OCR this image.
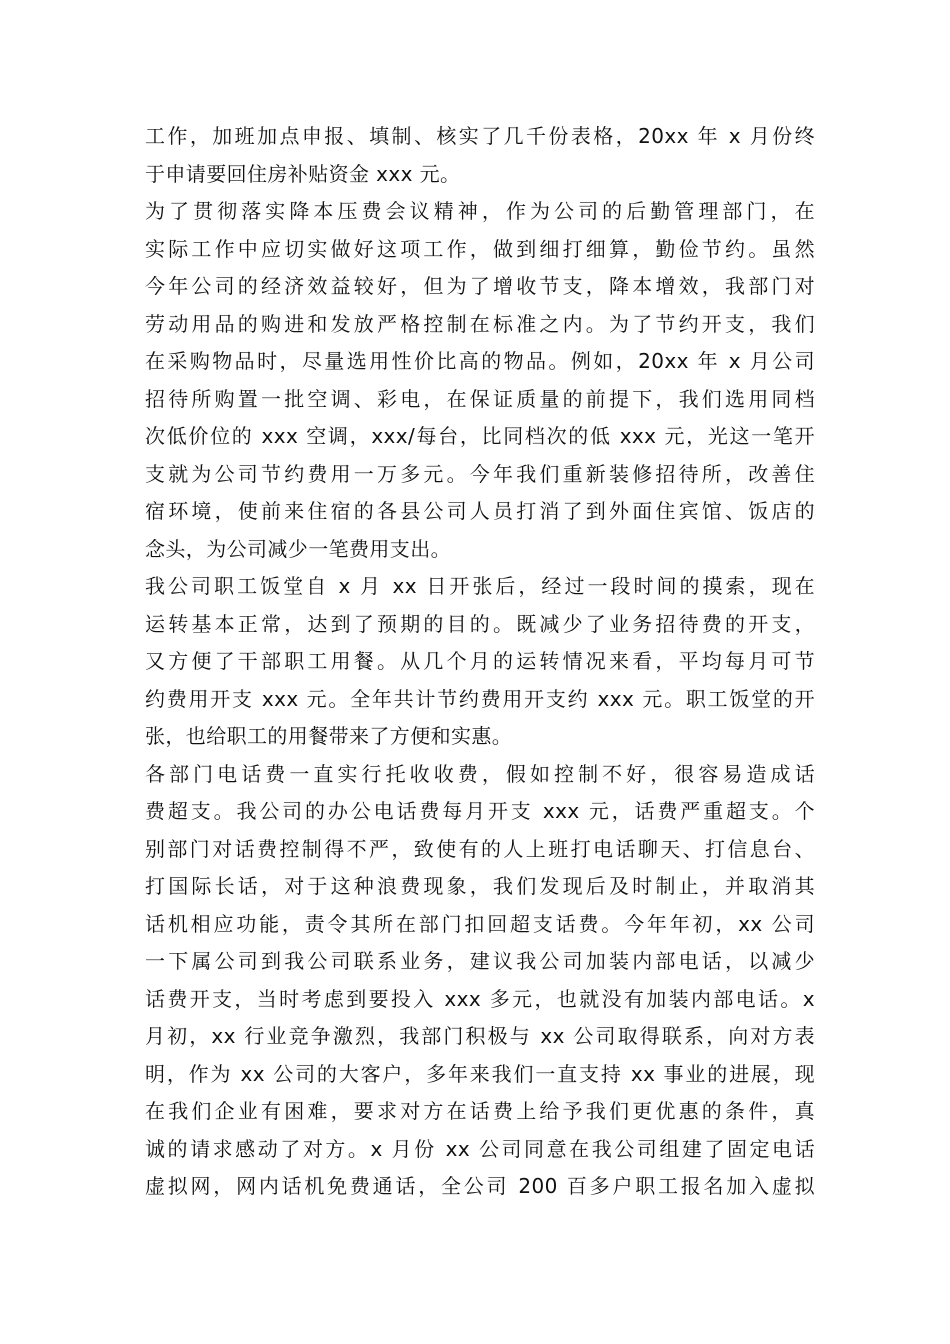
工作，加班加点申报、填制、核实了几千份表格，20xx 年 x 月份终
于申请要回住房补贴资金 xxx 元。
为了贯彻落实降本压费会议精神，作为公司的后勤管理部门，在
实际工作中应切实做好这项工作，做到细打细算，勤俭节约。虽然
今年公司的经济效益较好，但为了增收节支，降本增效，我部门对
劳动用品的购进和发放严格控制在标准之内。为了节约开支，我们
在采购物品时，尽量选用性价比高的物品。例如，20xx 年 x 月公司
招待所购置一批空调、彩电，在保证质量的前提下，我们选用同档
次低价位的 xxx 空调，xxx/每台，比同档次的低 xxx 元，光这一笔开
支就为公司节约费用一万多元。今年我们重新装修招待所，改善住
宿环境，使前来住宿的各县公司人员打消了到外面住宾馆、饭店的
念头，为公司减少一笔费用支出。
我公司职工饭堂自 x 月 xx 日开张后，经过一段时间的摸索，现在
运转基本正常，达到了预期的目的。既减少了业务招待费的开支，
又方便了干部职工用餐。从几个月的运转情况来看，平均每月可节
约费用开支 xxx 元。全年共计节约费用开支约 xxx 元。职工饭堂的开
张，也给职工的用餐带来了方便和实惠。
各部门电话费一直实行托收收费，假如控制不好，很容易造成话
费超支。我公司的办公电话费每月开支 xxx 元，话费严重超支。个
别部门对话费控制得不严，致使有的人上班打电话聊天、打信息台、
打国际长话，对于这种浪费现象，我们发现后及时制止，并取消其
话机相应功能，责令其所在部门扣回超支话费。今年年初，xx 公司
一下属公司到我公司联系业务，建议我公司加装内部电话，以减少
话费开支，当时考虑到要投入 xxx 多元，也就没有加装内部电话。x
月初，xx 行业竞争激烈，我部门积极与 xx 公司取得联系，向对方表
明，作为 xx 公司的大客户，多年来我们一直支持 xx 事业的进展，现
在我们企业有困难，要求对方在话费上给予我们更优惠的条件，真
诚的请求感动了对方。x 月份 xx 公司同意在我公司组建了固定电话
虚拟网，网内话机免费通话，全公司 200 百多户职工报名加入虚拟
